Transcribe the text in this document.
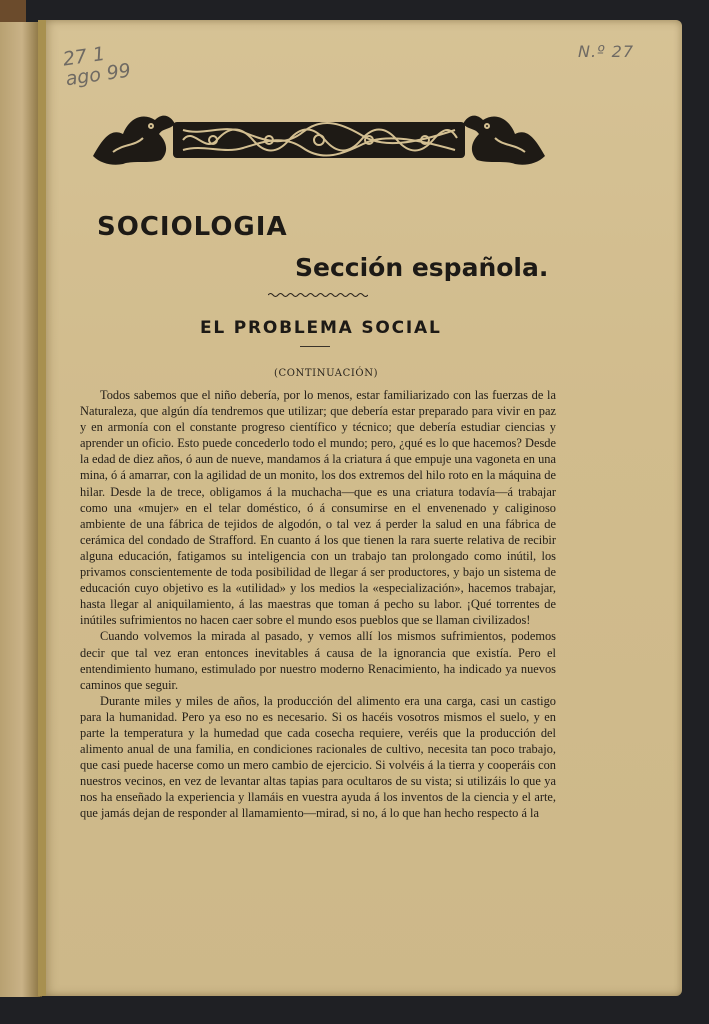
27 1 ago 99
N.º 27
SOCIOLOGIA
Sección española.
EL PROBLEMA SOCIAL
(CONTINUACIÓN)

Todos sabemos que el niño debería, por lo menos, estar familiarizado con las fuerzas de la Naturaleza, que algún día tendremos que utilizar; que debería estar preparado para vivir en paz y en armonía con el constante progreso científico y técnico; que debería estudiar ciencias y aprender un oficio. Esto puede concederlo todo el mundo; pero, ¿qué es lo que hacemos? Desde la edad de diez años, ó aun de nueve, mandamos á la criatura á que empuje una vagoneta en una mina, ó á amarrar, con la agilidad de un monito, los dos extremos del hilo roto en la máquina de hilar. Desde la de trece, obligamos á la muchacha—que es una criatura todavía—á trabajar como una «mujer» en el telar doméstico, ó á consumirse en el envenenado y caliginoso ambiente de una fábrica de tejidos de algodón, o tal vez á perder la salud en una fábrica de cerámica del condado de Strafford. En cuanto á los que tienen la rara suerte relativa de recibir alguna educación, fatigamos su inteligencia con un trabajo tan prolongado como inútil, los privamos conscientemente de toda posibilidad de llegar á ser productores, y bajo un sistema de educación cuyo objetivo es la «utilidad» y los medios la «especialización», hacemos trabajar, hasta llegar al aniquilamiento, á las maestras que toman á pecho su labor. ¡Qué torrentes de inútiles sufrimientos no hacen caer sobre el mundo esos pueblos que se llaman civilizados!

Cuando volvemos la mirada al pasado, y vemos allí los mismos sufrimientos, podemos decir que tal vez eran entonces inevitables á causa de la ignorancia que existía. Pero el entendimiento humano, estimulado por nuestro moderno Renacimiento, ha indicado ya nuevos caminos que seguir.

Durante miles y miles de años, la producción del alimento era una carga, casi un castigo para la humanidad. Pero ya eso no es necesario. Si os hacéis vosotros mismos el suelo, y en parte la temperatura y la humedad que cada cosecha requiere, veréis que la producción del alimento anual de una familia, en condiciones racionales de cultivo, necesita tan poco trabajo, que casi puede hacerse como un mero cambio de ejercicio. Si volvéis á la tierra y cooperáis con nuestros vecinos, en vez de levantar altas tapias para ocultaros de su vista; si utilizáis lo que ya nos ha enseñado la experiencia y llamáis en vuestra ayuda á los inventos de la ciencia y el arte, que jamás dejan de responder al llamamiento—mirad, si no, á lo que han hecho respecto á la
